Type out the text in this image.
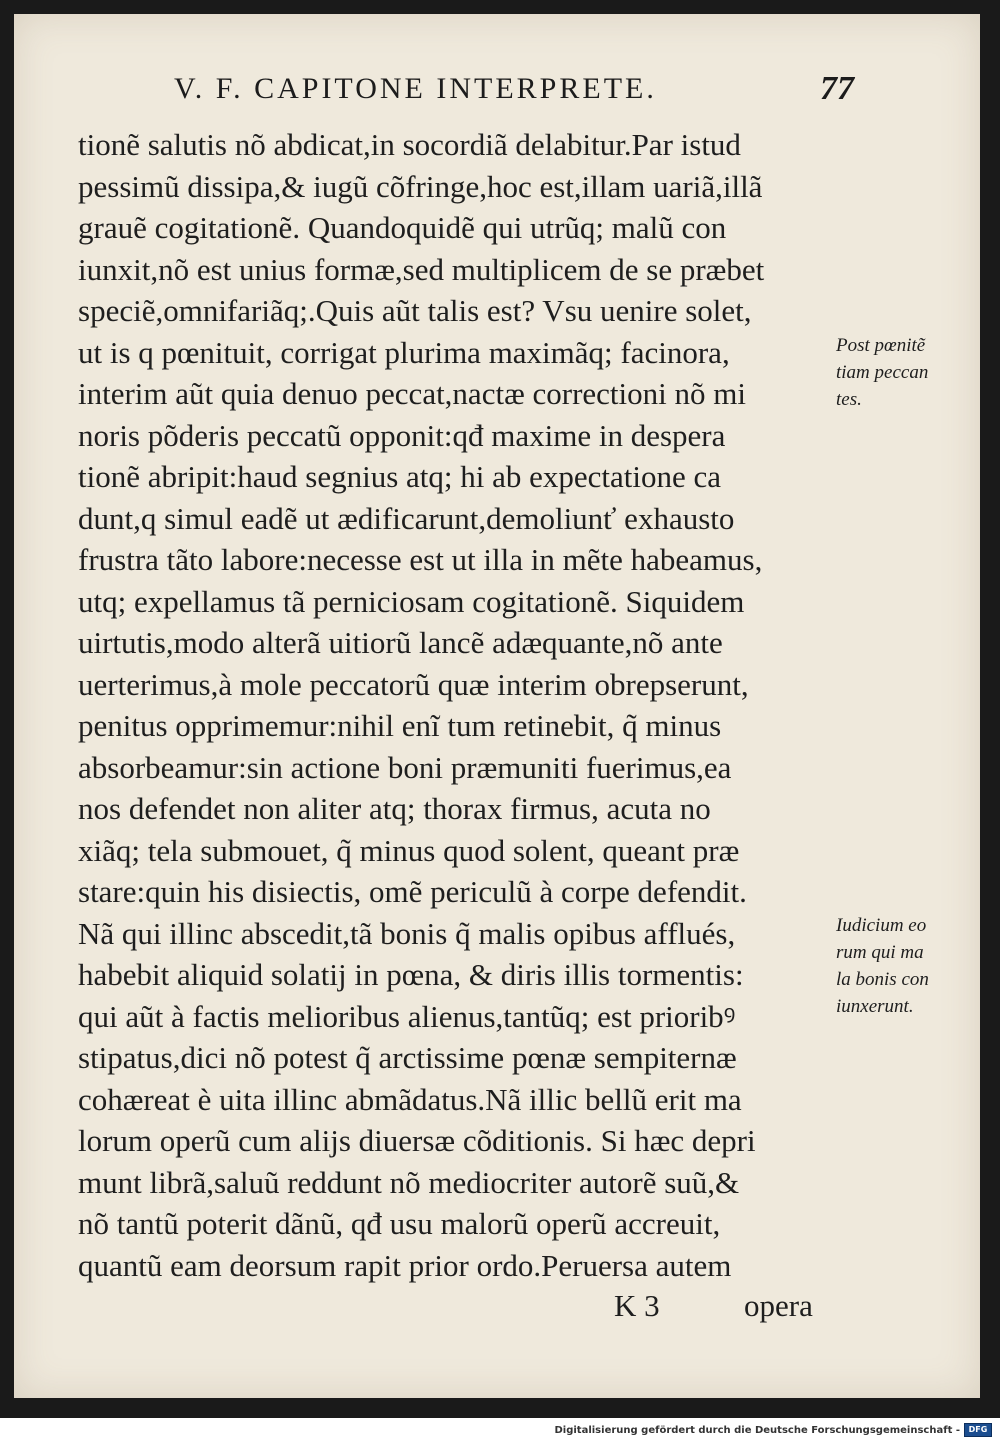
V. F. CAPITONE INTERPRETE.	77
tionẽ salutis nõ abdicat,in socordiã delabitur.Par istud
pessimũ dissipa,& iugũ cõfringe,hoc est,illam uariã,illã
grauẽ cogitationẽ. Quandoquidẽ qui utrũq; malũ con
iunxit,nõ est unius formæ,sed multiplicem de se præbet
speciẽ,omnifariãq;.Quis aũt talis est? Vsu uenire solet,
ut is q pœnituit, corrigat plurima maximãq; facinora,
interim aũt quia denuo peccat,nactæ correctioni nõ mi
noris põderis peccatũ opponit:qđ maxime in despera
tionẽ abripit:haud segnius atq; hi ab expectatione ca
dunt,q simul eadẽ ut ædificarunt,demoliunť exhausto
frustra tãto labore:necesse est ut illa in mẽte habeamus,
utq; expellamus tã perniciosam cogitationẽ. Siquidem
uirtutis,modo alterã uitiorũ lancẽ adæquante,nõ ante
uerterimus,à mole peccatorũ quæ interim obrepserunt,
penitus opprimemur:nihil enĩ tum retinebit, q̃ minus
absorbeamur:sin actione boni præmuniti fuerimus,ea
nos defendet non aliter atq; thorax firmus, acuta no
xiãq; tela submouet, q̃ minus quod solent, queant præ
stare:quin his disiectis, omẽ periculũ à corpe defendit.
Nã qui illinc abscedit,tã bonis q̃ malis opibus afflués,
habebit aliquid solatij in pœna, & diris illis tormentis:
qui aũt à factis melioribus alienus,tantũq; est prioribꝰ
stipatus,dici nõ potest q̃ arctissime pœnæ sempiternæ
cohæreat è uita illinc abmãdatus.Nã illic bellũ erit ma
lorum operũ cum alijs diuersæ cõditionis. Si hæc depri
munt librã,saluũ reddunt nõ mediocriter autorẽ suũ,&
nõ tantũ poterit dãnũ, qđ usu malorũ operũ accreuit,
quantũ eam deorsum rapit prior ordo.Peruersa autem
Post pœnitẽ
tiam peccan
tes.
Iudicium eo
rum qui ma
la bonis con
iunxerunt.
K 3	opera
Digitalisierung gefördert durch die Deutsche Forschungsgemeinschaft -	DFG
